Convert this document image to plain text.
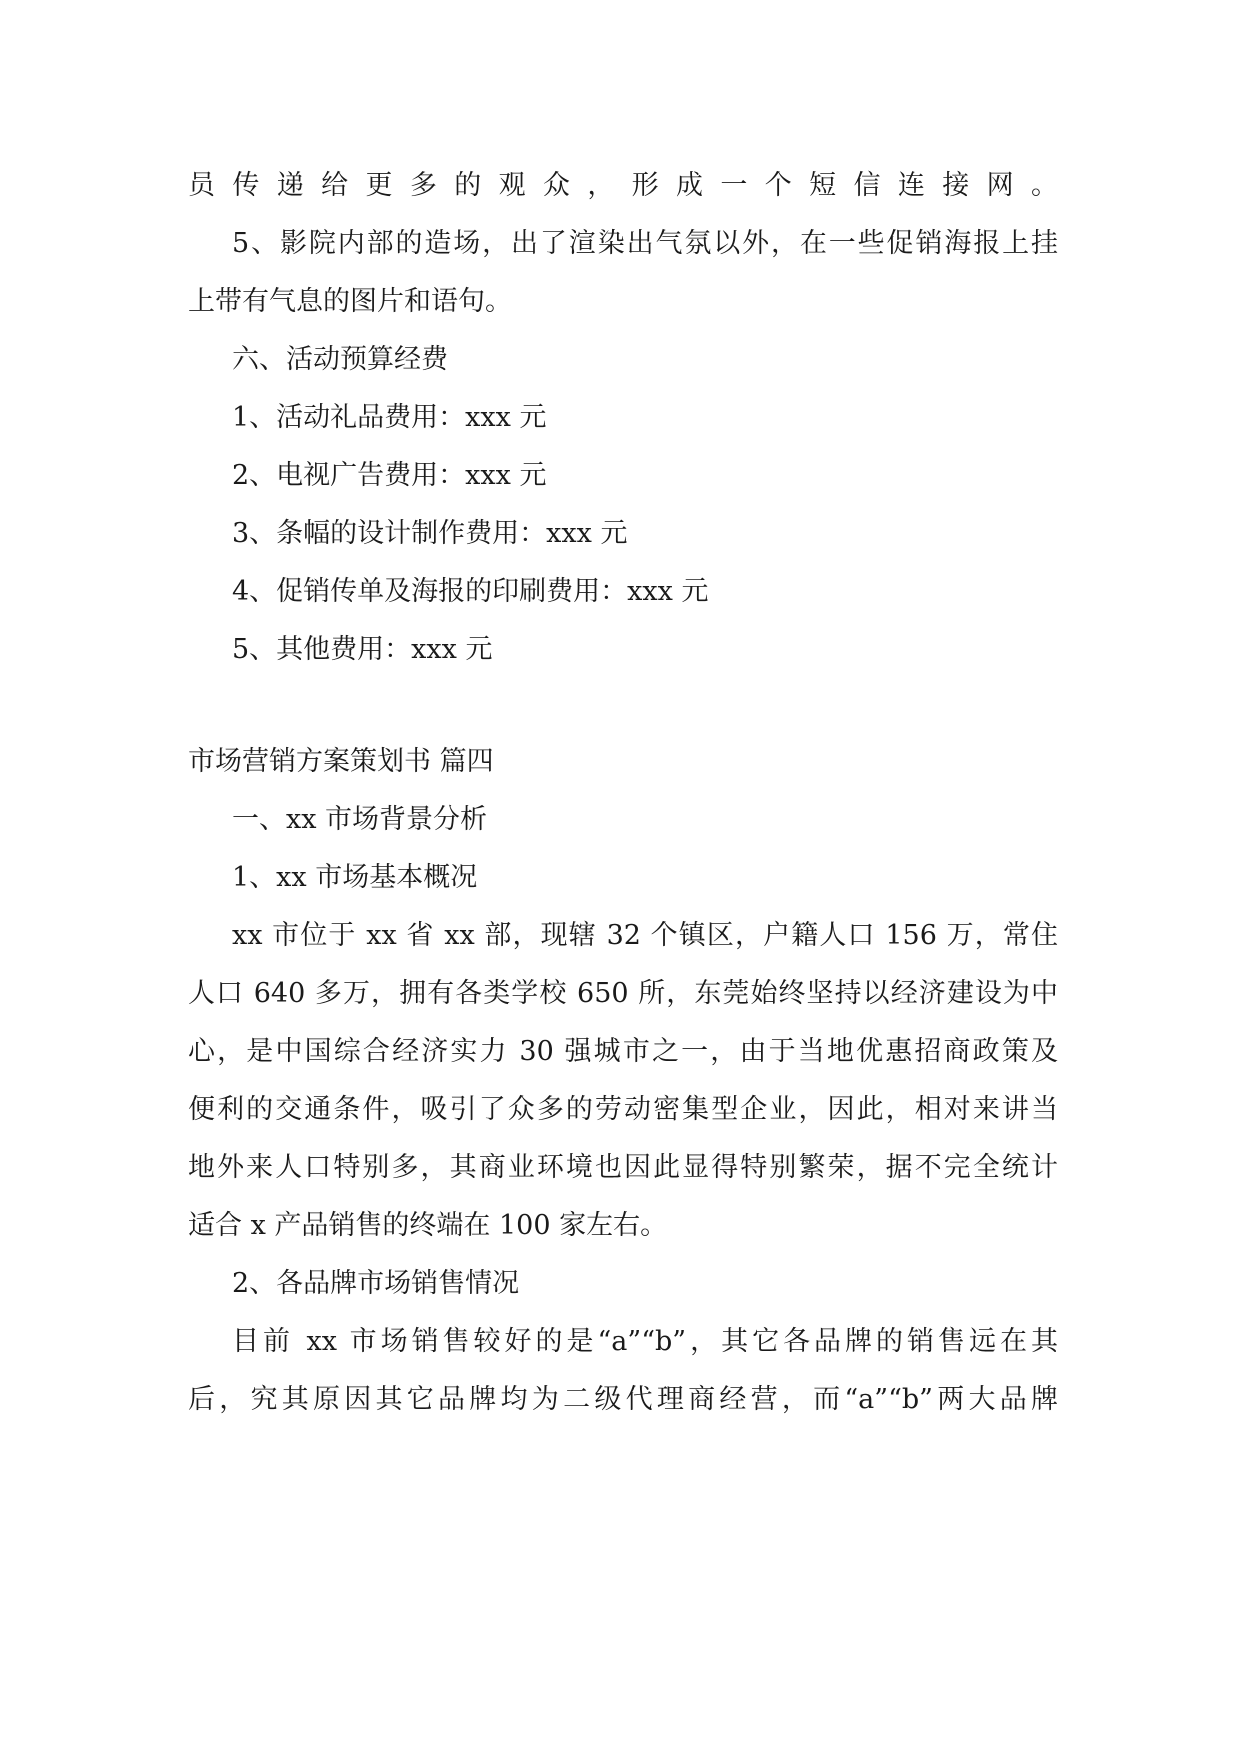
员传递给更多的观众，形成一个短信连接网。
5、影院内部的造场，出了渲染出气氛以外，在一些促销海报上挂
上带有气息的图片和语句。
六、活动预算经费
1、活动礼品费用：xxx 元
2、电视广告费用：xxx 元
3、条幅的设计制作费用：xxx 元
4、促销传单及海报的印刷费用：xxx 元
5、其他费用：xxx 元
市场营销方案策划书 篇四
一、xx 市场背景分析
1、xx 市场基本概况
xx 市位于 xx 省 xx 部，现辖 32 个镇区，户籍人口 156 万，常住
人口 640 多万，拥有各类学校 650 所，东莞始终坚持以经济建设为中
心，是中国综合经济实力 30 强城市之一，由于当地优惠招商政策及
便利的交通条件，吸引了众多的劳动密集型企业，因此，相对来讲当
地外来人口特别多，其商业环境也因此显得特别繁荣，据不完全统计
适合 x 产品销售的终端在 100 家左右。
2、各品牌市场销售情况
目前 xx 市场销售较好的是“a”“b”，其它各品牌的销售远在其
后，究其原因其它品牌均为二级代理商经营，而“a”“b”两大品牌
